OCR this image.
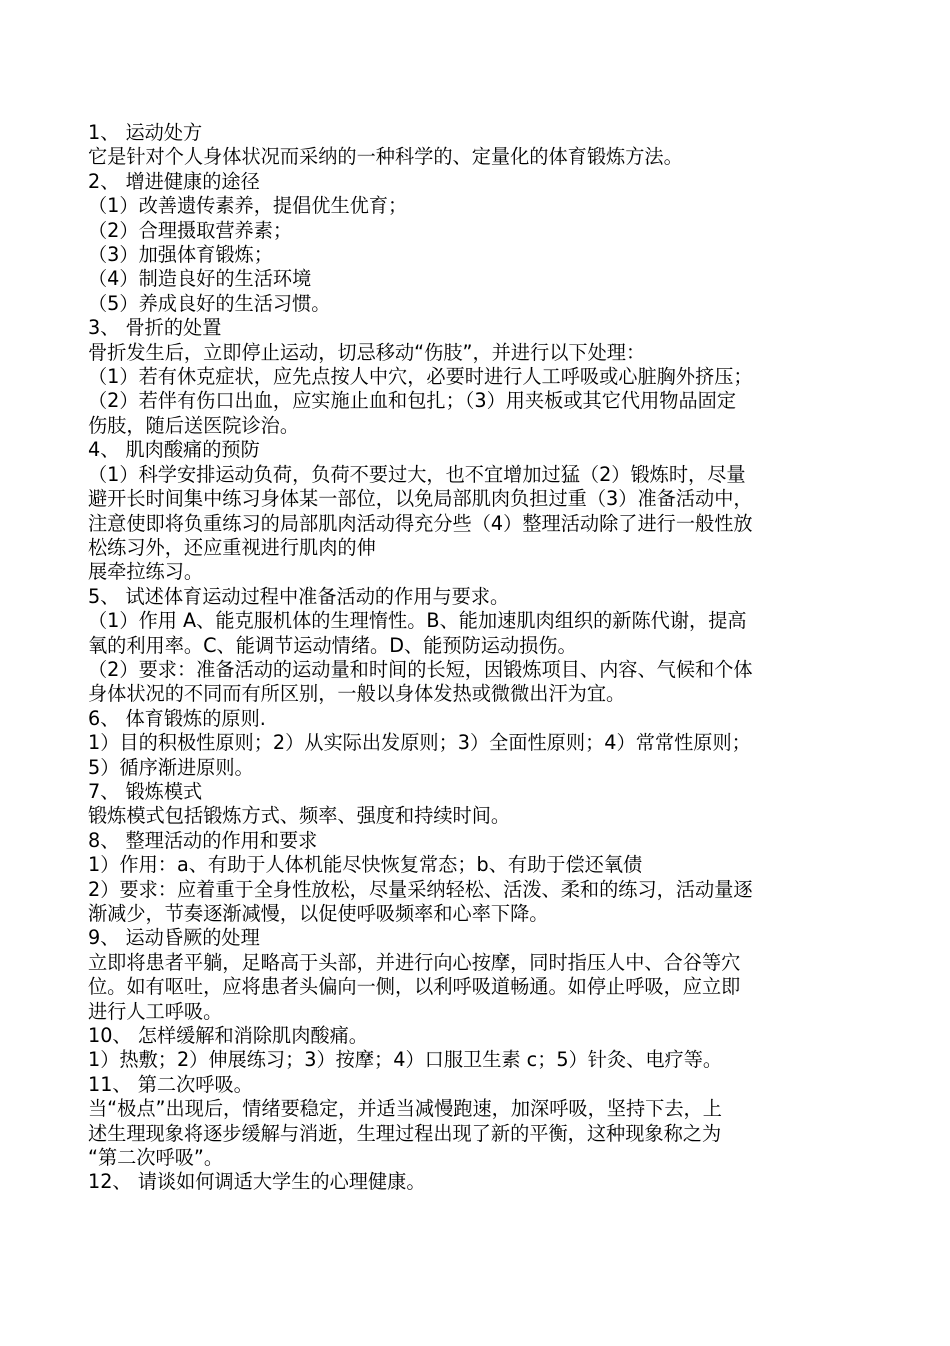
1、 运动处方
它是针对个人身体状况而采纳的一种科学的、定量化的体育锻炼方法。
2、 增进健康的途径
（1）改善遗传素养，提倡优生优育；
（2）合理摄取营养素；
（3）加强体育锻炼；
（4）制造良好的生活环境
（5）养成良好的生活习惯。
3、 骨折的处置
骨折发生后，立即停止运动，切忌移动“伤肢”，并进行以下处理：
（1）若有休克症状，应先点按人中穴，必要时进行人工呼吸或心脏胸外挤压；
（2）若伴有伤口出血，应实施止血和包扎；（3）用夹板或其它代用物品固定
伤肢，随后送医院诊治。
4、 肌肉酸痛的预防
（1）科学安排运动负荷，负荷不要过大，也不宜增加过猛（2）锻炼时，尽量
避开长时间集中练习身体某一部位，以免局部肌肉负担过重（3）准备活动中，
注意使即将负重练习的局部肌肉活动得充分些（4）整理活动除了进行一般性放
松练习外，还应重视进行肌肉的伸
展牵拉练习。
5、 试述体育运动过程中准备活动的作用与要求。
（1）作用 A、能克服机体的生理惰性。B、能加速肌肉组织的新陈代谢，提高
氧的利用率。C、能调节运动情绪。D、能预防运动损伤。
（2）要求：准备活动的运动量和时间的长短，因锻炼项目、内容、气候和个体
身体状况的不同而有所区别，一般以身体发热或微微出汗为宜。
6、 体育锻炼的原则.
1）目的积极性原则；2）从实际出发原则；3）全面性原则；4）常常性原则；
5）循序渐进原则。
7、 锻炼模式
锻炼模式包括锻炼方式、频率、强度和持续时间。
8、 整理活动的作用和要求
1）作用：a、有助于人体机能尽快恢复常态；b、有助于偿还氧债
2）要求：应着重于全身性放松，尽量采纳轻松、活泼、柔和的练习，活动量逐
渐减少，节奏逐渐减慢，以促使呼吸频率和心率下降。
9、 运动昏厥的处理
立即将患者平躺，足略高于头部，并进行向心按摩，同时指压人中、合谷等穴
位。如有呕吐，应将患者头偏向一侧，以利呼吸道畅通。如停止呼吸，应立即
进行人工呼吸。
10、 怎样缓解和消除肌肉酸痛。
1）热敷；2）伸展练习；3）按摩；4）口服卫生素 c；5）针灸、电疗等。
11、 第二次呼吸。
当“极点”出现后，情绪要稳定，并适当减慢跑速，加深呼吸，坚持下去，上
述生理现象将逐步缓解与消逝，生理过程出现了新的平衡，这种现象称之为
“第二次呼吸”。
12、 请谈如何调适大学生的心理健康。
